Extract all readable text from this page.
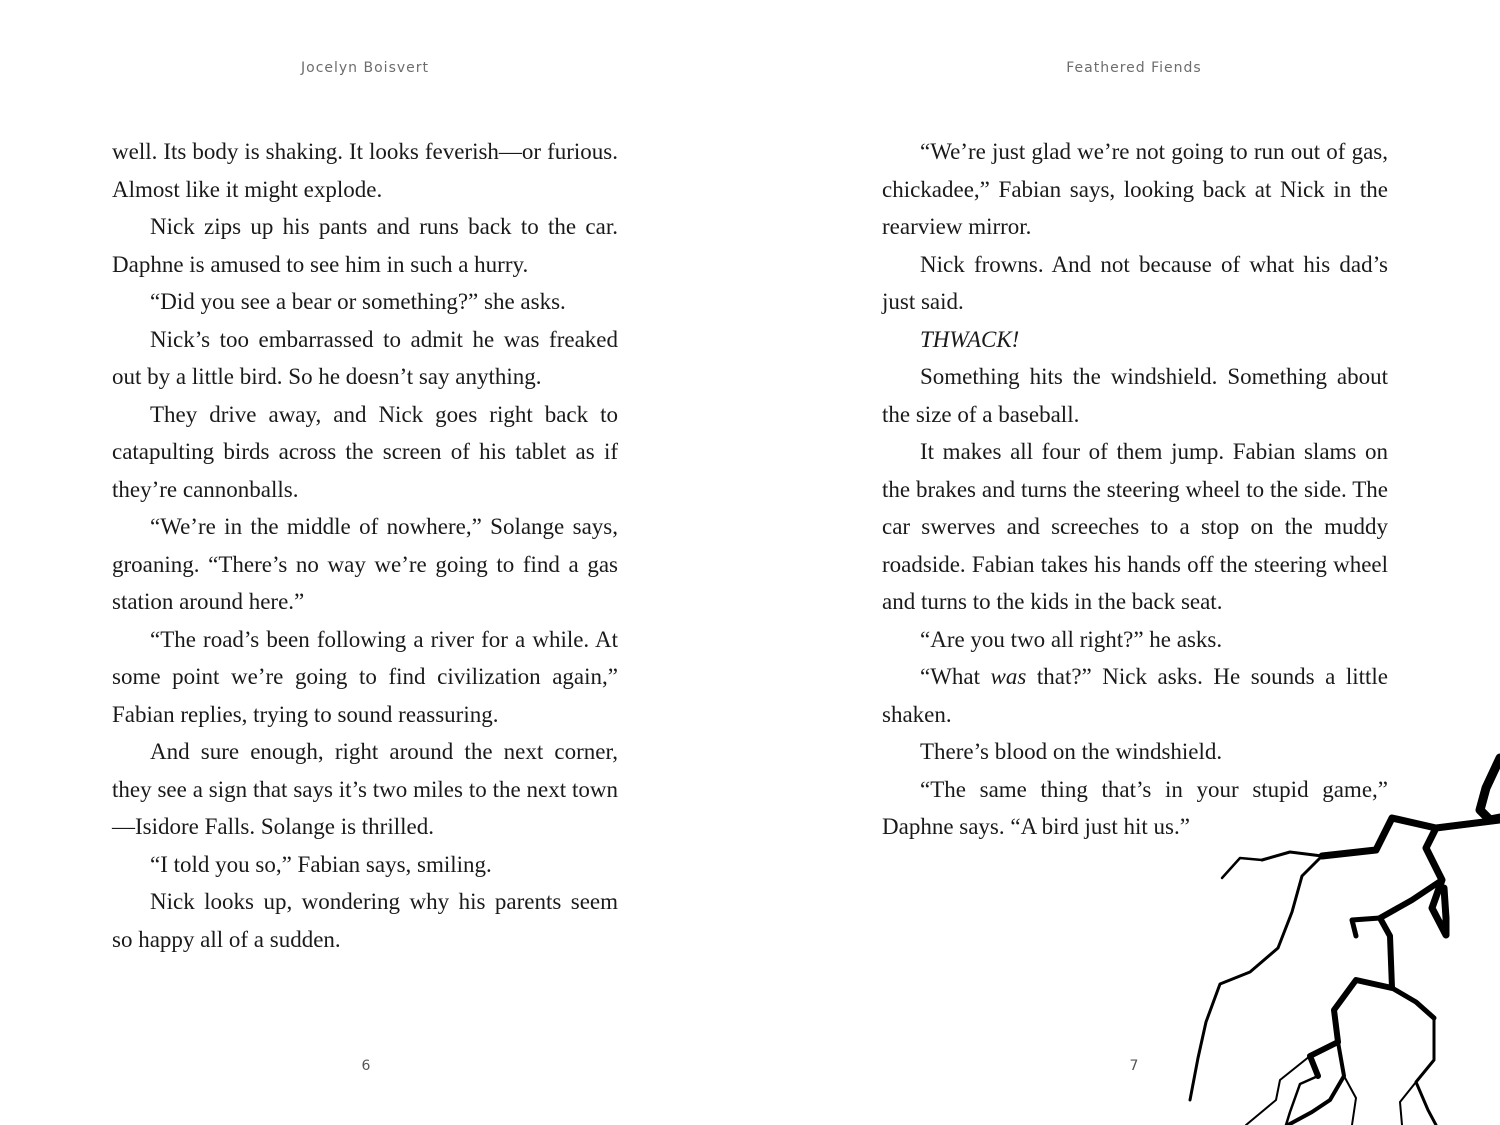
Jocelyn Boisvert

well. Its body is shaking. It looks feverish—or furious. Almost like it might explode.

Nick zips up his pants and runs back to the car. Daphne is amused to see him in such a hurry.

“Did you see a bear or something?” she asks.

Nick’s too embarrassed to admit he was freaked out by a little bird. So he doesn’t say anything.

They drive away, and Nick goes right back to catapulting birds across the screen of his tablet as if they’re cannonballs.

“We’re in the middle of nowhere,” Solange says, groaning. “There’s no way we’re going to find a gas station around here.”

“The road’s been following a river for a while. At some point we’re going to find civilization again,” Fabian replies, trying to sound reassuring.

And sure enough, right around the next corner, they see a sign that says it’s two miles to the next town—Isidore Falls. Solange is thrilled.

“I told you so,” Fabian says, smiling.

Nick looks up, wondering why his parents seem so happy all of a sudden.

6
Feathered Fiends

“We’re just glad we’re not going to run out of gas, chickadee,” Fabian says, looking back at Nick in the rearview mirror.

Nick frowns. And not because of what his dad’s just said.

THWACK!

Something hits the windshield. Something about the size of a baseball.

It makes all four of them jump. Fabian slams on the brakes and turns the steering wheel to the side. The car swerves and screeches to a stop on the muddy roadside. Fabian takes his hands off the steering wheel and turns to the kids in the back seat.

“Are you two all right?” he asks.

“What was that?” Nick asks. He sounds a little shaken.

There’s blood on the windshield.

“The same thing that’s in your stupid game,” Daphne says. “A bird just hit us.”

7
